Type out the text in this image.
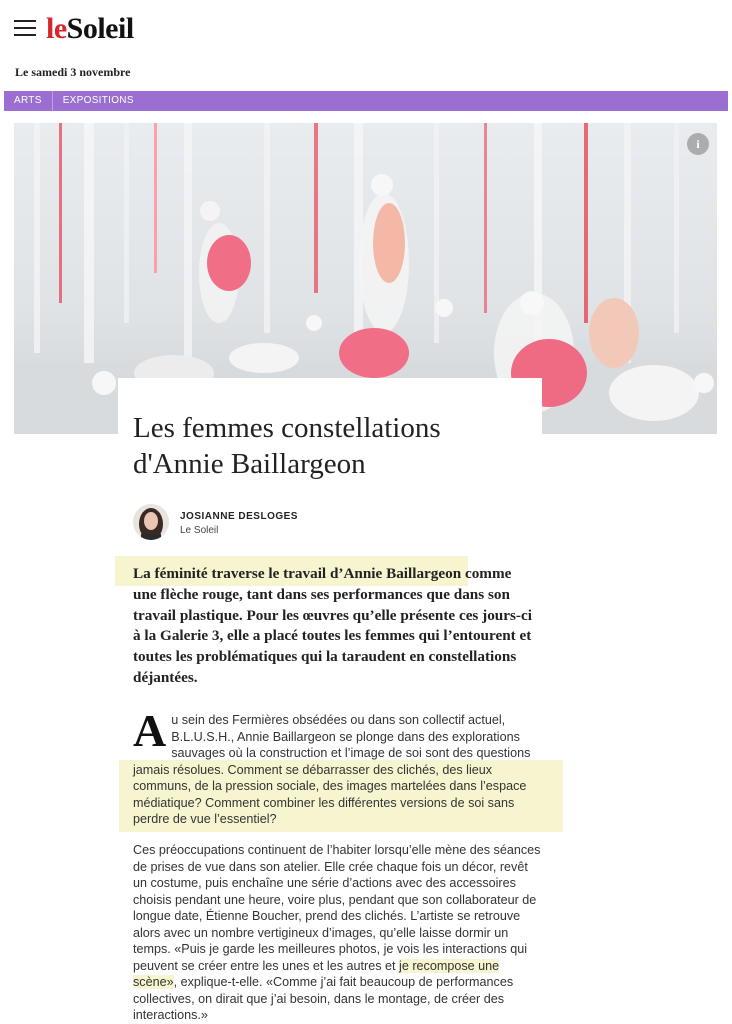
leSoleil
Le samedi 3 novembre
ARTS	EXPOSITIONS
i
Les femmes constellations d'Annie Baillargeon
JOSIANNE DESLOGES
Le Soleil

La féminité traverse le travail d’Annie Baillargeon comme une flèche rouge, tant dans ses performances que dans son travail plastique. Pour les œuvres qu’elle présente ces jours-ci à la Galerie 3, elle a placé toutes les femmes qui l’entourent et toutes les problématiques qui la taraudent en constellations déjantées.

Au sein des Fermières obsédées ou dans son collectif actuel, B.L.U.S.H., Annie Baillargeon se plonge dans des explorations sauvages où la construction et l’image de soi sont des questions jamais résolues. Comment se débarrasser des clichés, des lieux communs, de la pression sociale, des images martelées dans l’espace médiatique? Comment combiner les différentes versions de soi sans perdre de vue l’essentiel?

Ces préoccupations continuent de l’habiter lorsqu’elle mène des séances de prises de vue dans son atelier. Elle crée chaque fois un décor, revêt un costume, puis enchaîne une série d’actions avec des accessoires choisis pendant une heure, voire plus, pendant que son collaborateur de longue date, Étienne Boucher, prend des clichés. L’artiste se retrouve alors avec un nombre vertigineux d’images, qu’elle laisse dormir un temps. «Puis je garde les meilleures photos, je vois les interactions qui peuvent se créer entre les unes et les autres et je recompose une scène», explique-t-elle. «Comme j’ai fait beaucoup de performances collectives, on dirait que j’ai besoin, dans le montage, de créer des interactions.»
